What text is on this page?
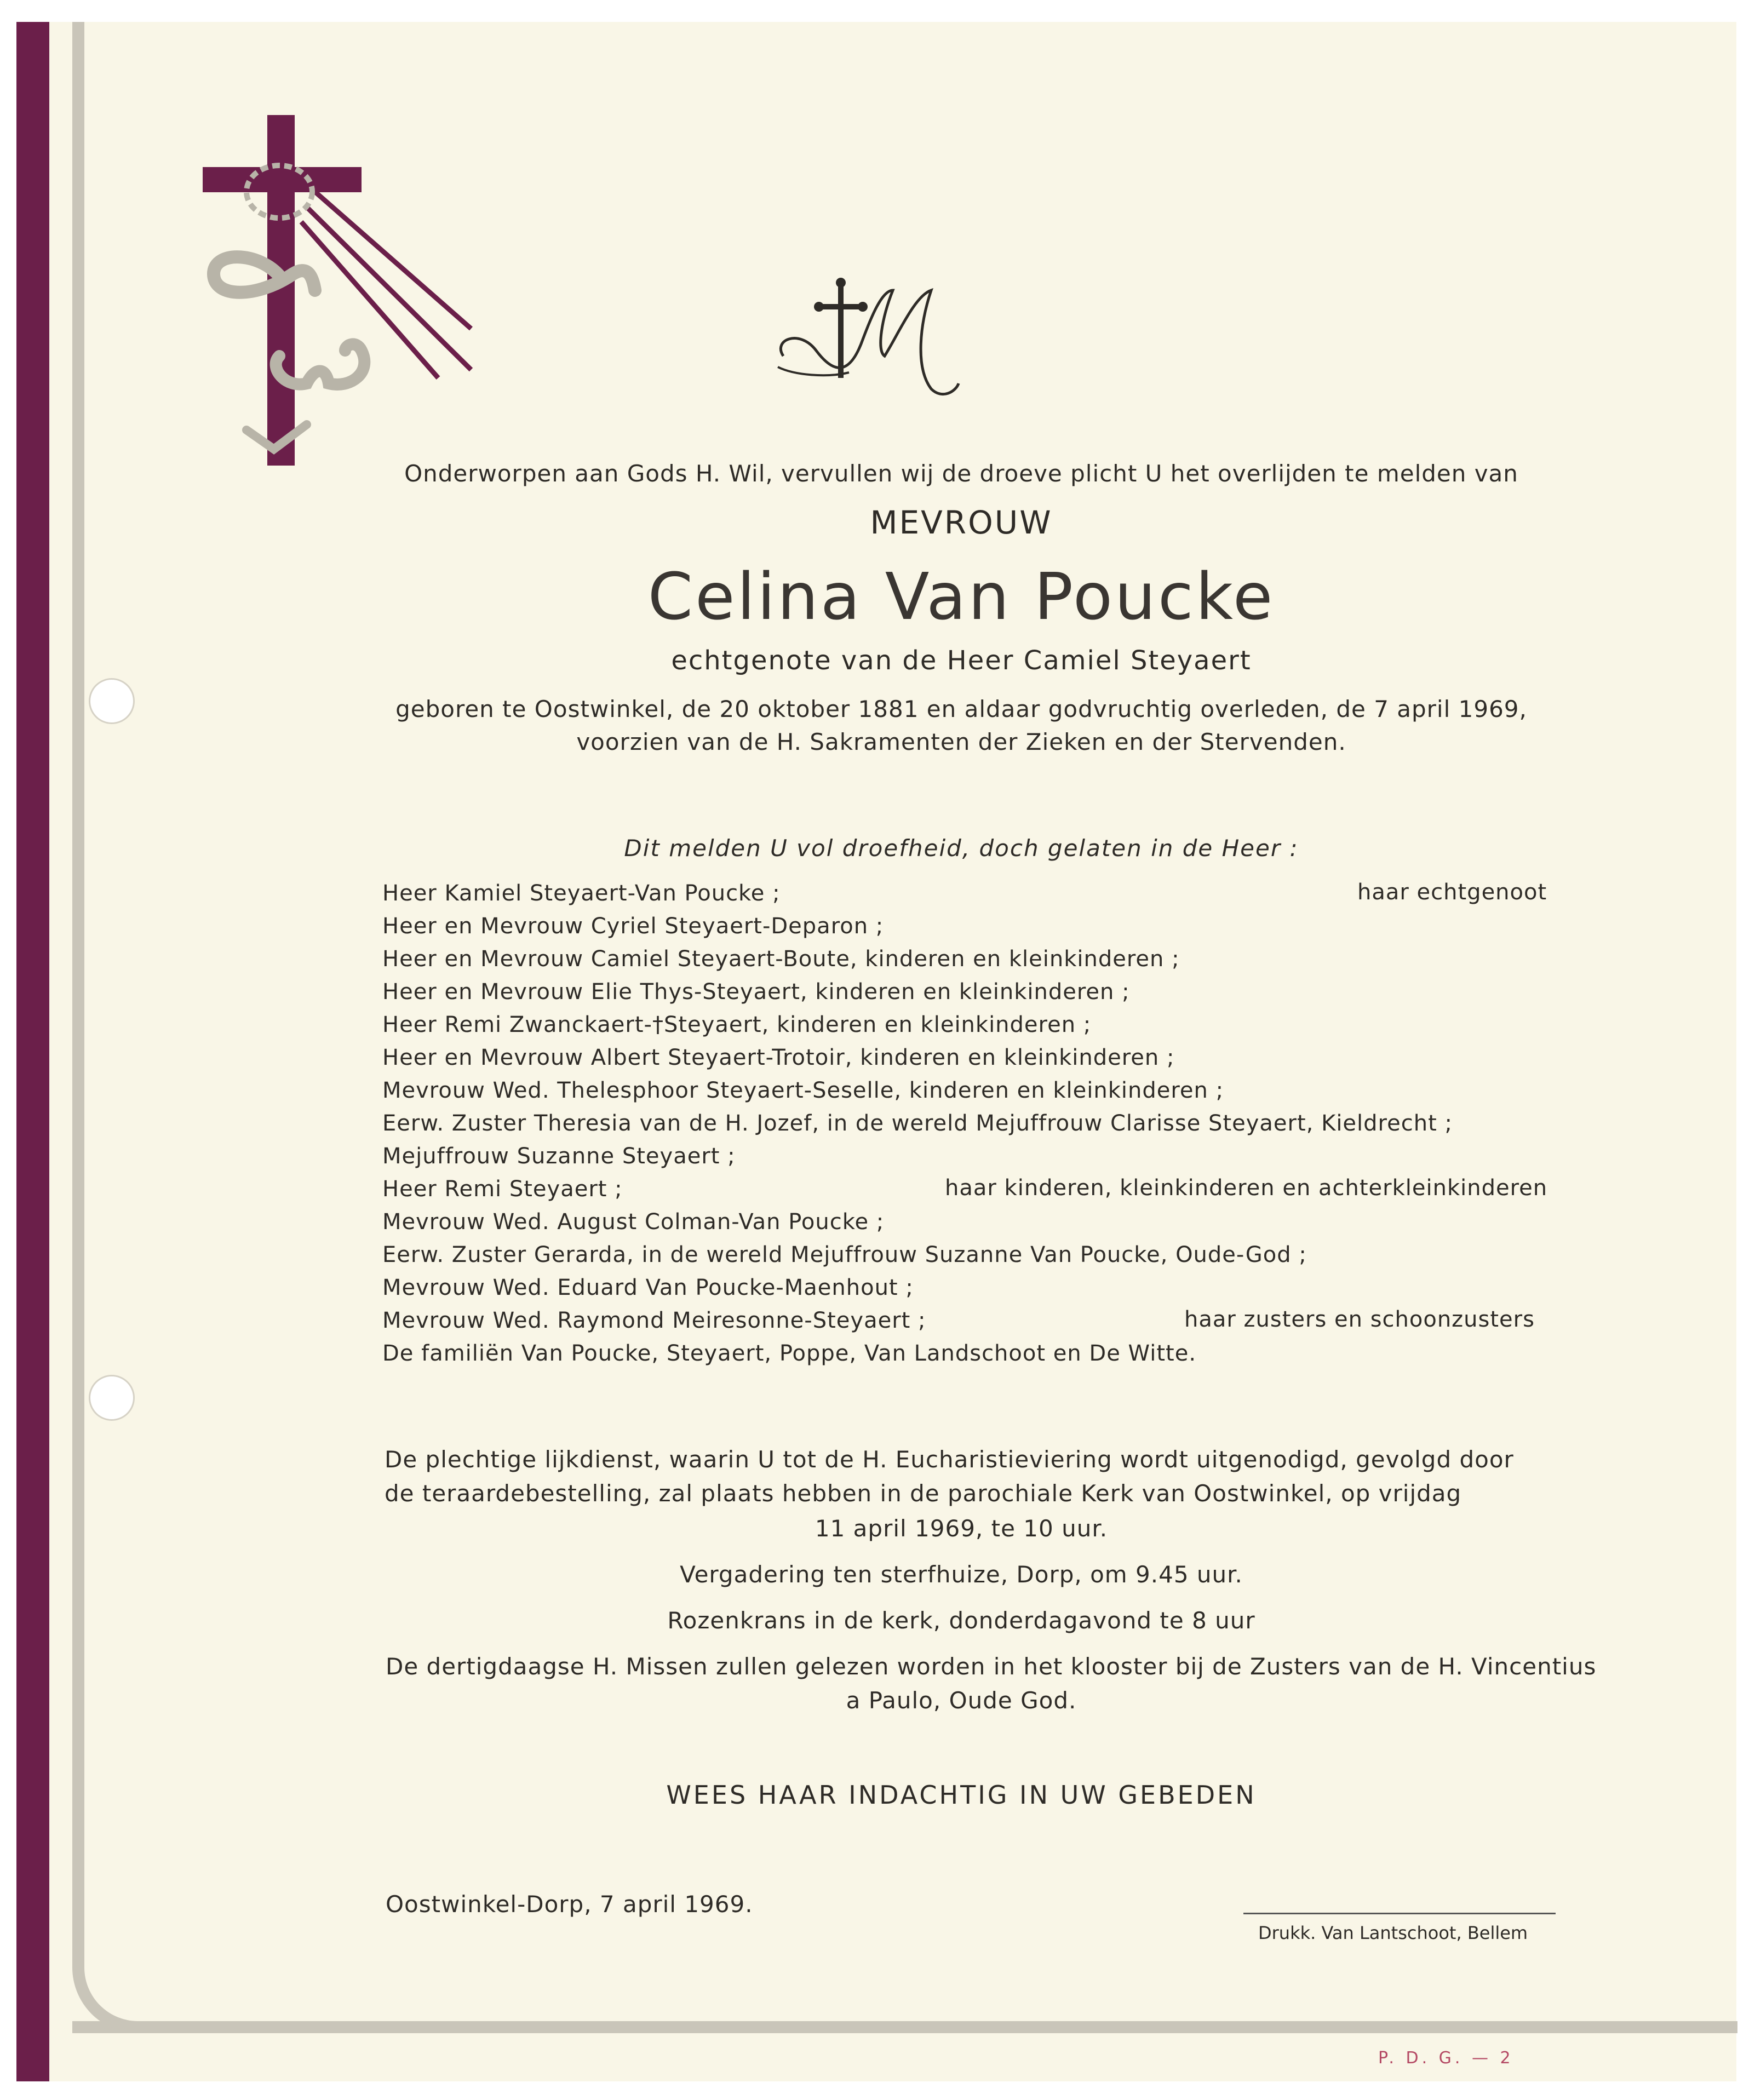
Onderworpen aan Gods H. Wil, vervullen wij de droeve plicht U het overlijden te melden van
MEVROUW
Celina Van Poucke
echtgenote van de Heer Camiel Steyaert
geboren te Oostwinkel, de 20 oktober 1881 en aldaar godvruchtig overleden, de 7 april 1969,
voorzien van de H. Sakramenten der Zieken en der Stervenden.
Dit melden U vol droefheid, doch gelaten in de Heer :
Heer Kamiel Steyaert-Van Poucke ;	haar echtgenoot
Heer en Mevrouw Cyriel Steyaert-Deparon ;
Heer en Mevrouw Camiel Steyaert-Boute, kinderen en kleinkinderen ;
Heer en Mevrouw Elie Thys-Steyaert, kinderen en kleinkinderen ;
Heer Remi Zwanckaert-†Steyaert, kinderen en kleinkinderen ;
Heer en Mevrouw Albert Steyaert-Trotoir, kinderen en kleinkinderen ;
Mevrouw Wed. Thelesphoor Steyaert-Seselle, kinderen en kleinkinderen ;
Eerw. Zuster Theresia van de H. Jozef, in de wereld Mejuffrouw Clarisse Steyaert, Kieldrecht ;
Mejuffrouw Suzanne Steyaert ;
Heer Remi Steyaert ;	haar kinderen, kleinkinderen en achterkleinkinderen
Mevrouw Wed. August Colman-Van Poucke ;
Eerw. Zuster Gerarda, in de wereld Mejuffrouw Suzanne Van Poucke, Oude-God ;
Mevrouw Wed. Eduard Van Poucke-Maenhout ;
Mevrouw Wed. Raymond Meiresonne-Steyaert ;	haar zusters en schoonzusters
De familiën Van Poucke, Steyaert, Poppe, Van Landschoot en De Witte.
De plechtige lijkdienst, waarin U tot de H. Eucharistieviering wordt uitgenodigd, gevolgd door
de teraardebestelling, zal plaats hebben in de parochiale Kerk van Oostwinkel, op vrijdag
11 april 1969, te 10 uur.
Vergadering ten sterfhuize, Dorp, om 9.45 uur.
Rozenkrans in de kerk, donderdagavond te 8 uur
De dertigdaagse H. Missen zullen gelezen worden in het klooster bij de Zusters van de H. Vincentius
a Paulo, Oude God.
WEES HAAR INDACHTIG IN UW GEBEDEN
Oostwinkel-Dorp, 7 april 1969.
Drukk. Van Lantschoot, Bellem
P. D. G. — 2
